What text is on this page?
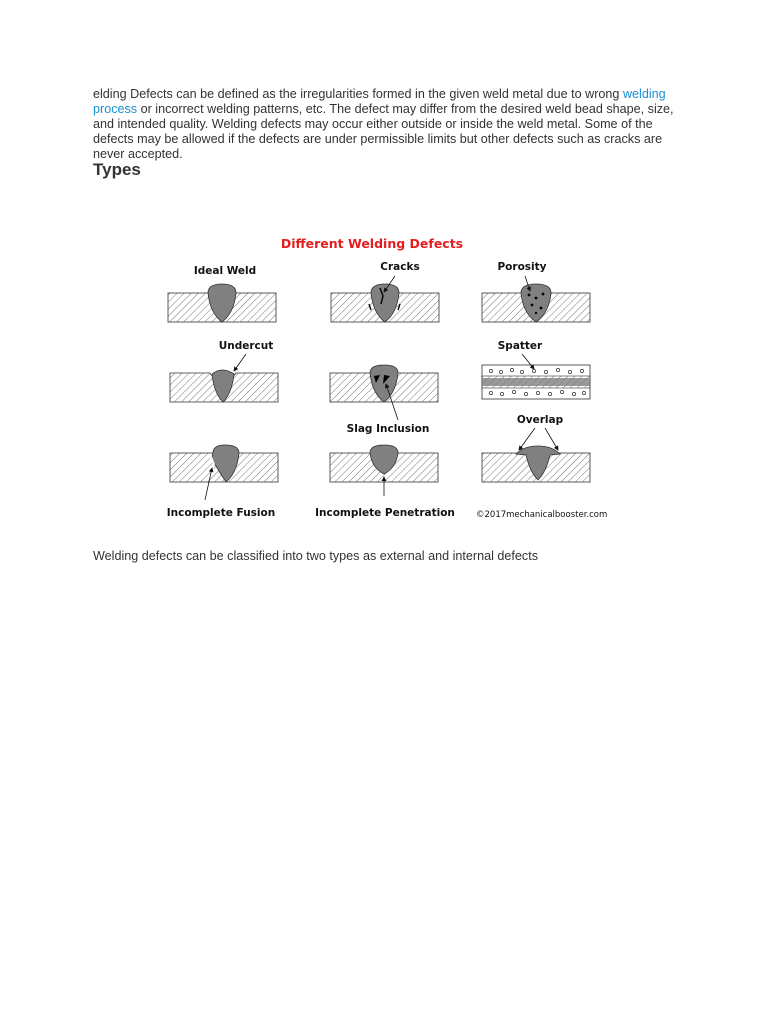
elding Defects can be defined as the irregularities formed in the given weld metal due to wrong welding process or incorrect welding patterns, etc. The defect may differ from the desired weld bead shape, size, and intended quality. Welding defects may occur either outside or inside the weld metal. Some of the defects may be allowed if the defects are under permissible limits but other defects such as cracks are never accepted.

Types
Different Welding Defects
Ideal Weld	Cracks	Porosity
Undercut
Slag Inclusion
Spatter
Incomplete Fusion	Incomplete Penetration
Overlap
©2017mechanicalbooster.com

Welding defects can be classified into two types as external and internal defects
